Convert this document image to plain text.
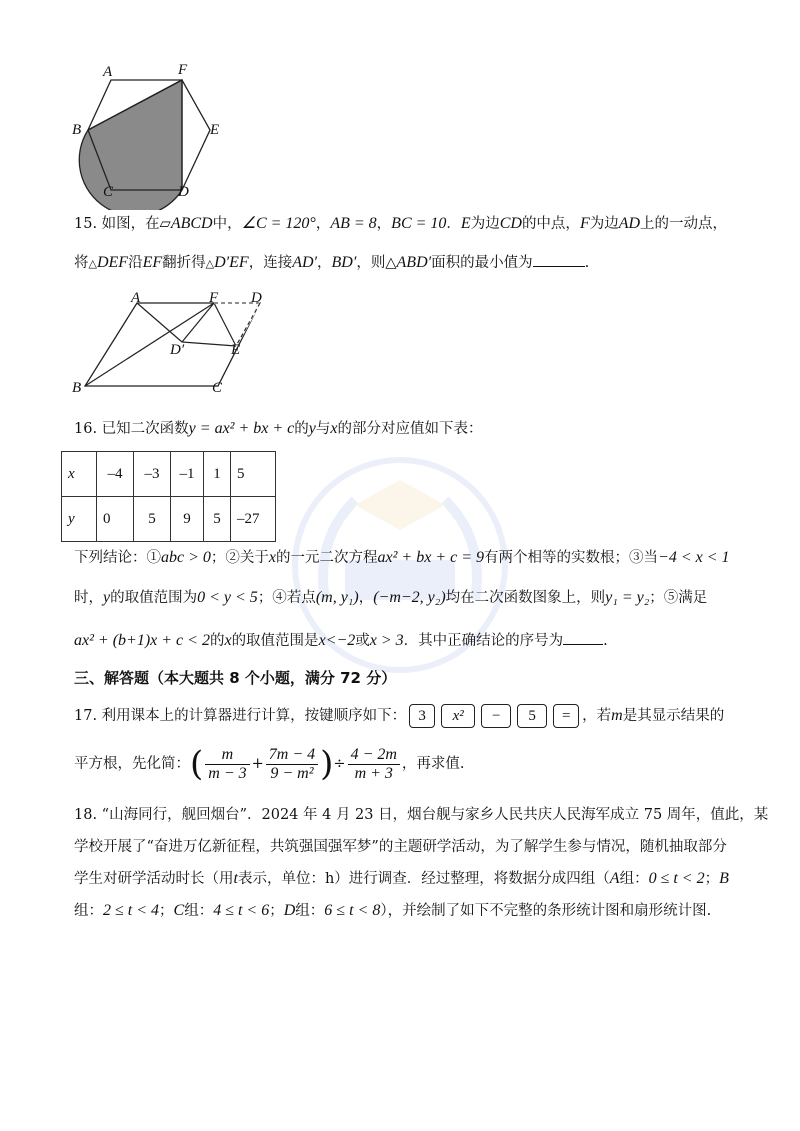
A	F
B	E
C	D
15. 如图，在▱ABCD中，∠C = 120°，AB = 8，BC = 10．E为边CD的中点，F为边AD上的一动点，
将△DEF沿EF翻折得△D′EF，连接AD′，BD′，则△ABD′面积的最小值为	.
A	F D
D′	E
B	C
16. 已知二次函数y = ax² + bx + c的y与x的部分对应值如下表：
x	–4	–3	–1	1	5
y	0	5	9	5	–27
下列结论：①abc > 0；②关于x的一元二次方程ax² + bx + c = 9有两个相等的实数根；③当−4 < x < 1
时，y的取值范围为0 < y < 5；④若点(m, y₁)，(−m−2, y₂)均在二次函数图象上，则y₁ = y₂；⑤满足
ax² + (b+1)x + c < 2的x的取值范围是x<−2或x > 3．其中正确结论的序号为	.
三、解答题（本大题共 8 个小题，满分 72 分）
17. 利用课本上的计算器进行计算，按键顺序如下： 3 x² − 5 = ，若m是其显示结果的
平方根，先化简：( $\frac{m}{m - 3} + \frac{7m - 4}{\text{9 − m²}}$ )÷ $\frac{4 - 2m}{m + 3}$ ，再求值.
18. “山海同行，舰回烟台”．2024 年 4 月 23 日，烟台舰与家乡人民共庆人民海军成立 75 周年，值此，某
学校开展了“奋进万亿新征程，共筑强国强军梦”的主题研学活动，为了解学生参与情况，随机抽取部分
学生对研学活动时长（用t表示，单位：h）进行调查．经过整理，将数据分成四组（A组：0 ≤ t < 2；B
组：2 ≤ t < 4；C组：4 ≤ t < 6；D组：6 ≤ t < 8），并绘制了如下不完整的条形统计图和扇形统计图.
